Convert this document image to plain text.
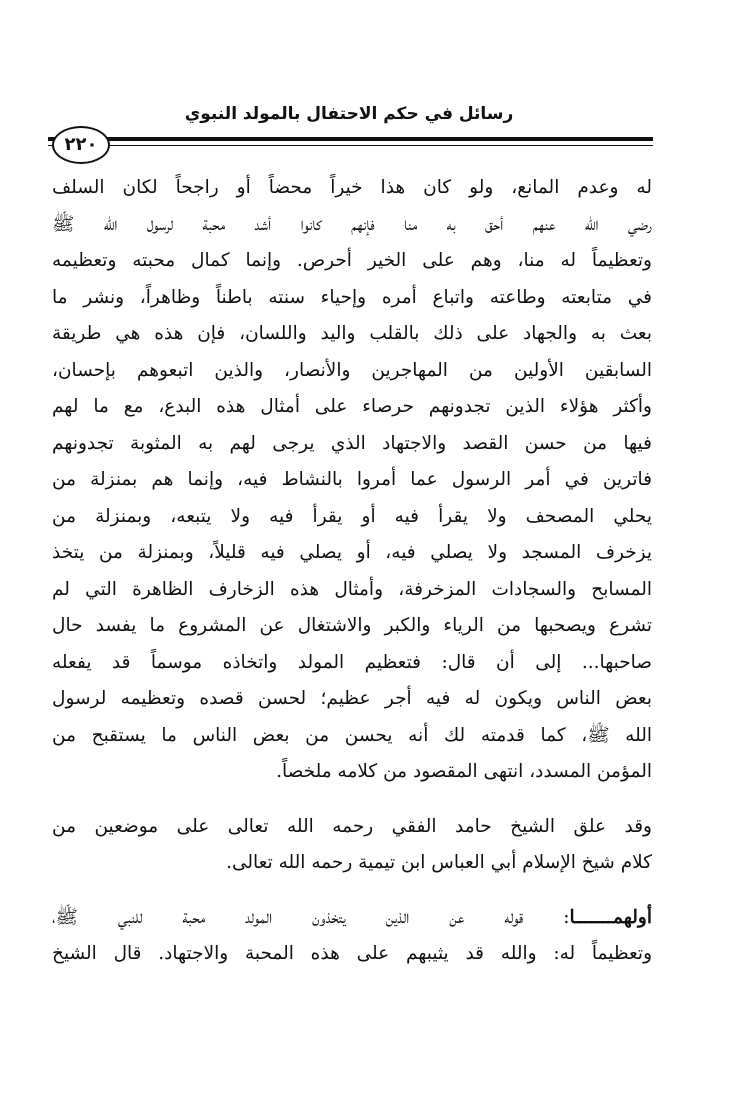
رسائل في حكم الاحتفال بالمولد النبوي
٢٢٠
له وعدم المانع، ولو كان هذا خيراً محضاً أو راجحاً لكان السلف
رضي الله عنهم أحق به منا فإنهم كانوا أشد محبة لرسول الله ﷺ
وتعظيماً له منا، وهم على الخير أحرص. وإنما كمال محبته وتعظيمه
في متابعته وطاعته واتباع أمره وإحياء سنته باطناً وظاهراً، ونشر ما
بعث به والجهاد على ذلك بالقلب واليد واللسان، فإن هذه هي طريقة
السابقين الأولين من المهاجرين والأنصار، والذين اتبعوهم بإحسان،
وأكثر هؤلاء الذين تجدونهم حرصاء على أمثال هذه البدع، مع ما لهم
فيها من حسن القصد والاجتهاد الذي يرجى لهم به المثوبة تجدونهم
فاترين في أمر الرسول عما أمروا بالنشاط فيه، وإنما هم بمنزلة من
يحلي المصحف ولا يقرأ فيه أو يقرأ فيه ولا يتبعه، وبمنزلة من
يزخرف المسجد ولا يصلي فيه، أو يصلي فيه قليلاً، وبمنزلة من يتخذ
المسابح والسجادات المزخرفة، وأمثال هذه الزخارف الظاهرة التي لم
تشرع ويصحبها من الرياء والكبر والاشتغال عن المشروع ما يفسد حال
صاحبها... إلى أن قال: فتعظيم المولد واتخاذه موسماً قد يفعله
بعض الناس ويكون له فيه أجر عظيم؛ لحسن قصده وتعظيمه لرسول
الله ﷺ، كما قدمته لك أنه يحسن من بعض الناس ما يستقبح من
المؤمن المسدد، انتهى المقصود من كلامه ملخصاً.
وقد علق الشيخ حامد الفقي رحمه الله تعالى على موضعين من
كلام شيخ الإسلام أبي العباس ابن تيمية رحمه الله تعالى.
أولهمـــــــا: قوله عن الذين يتخذون المولد محبة للنبي ﷺ،
وتعظيماً له: والله قد يثيبهم على هذه المحبة والاجتهاد. قال الشيخ
